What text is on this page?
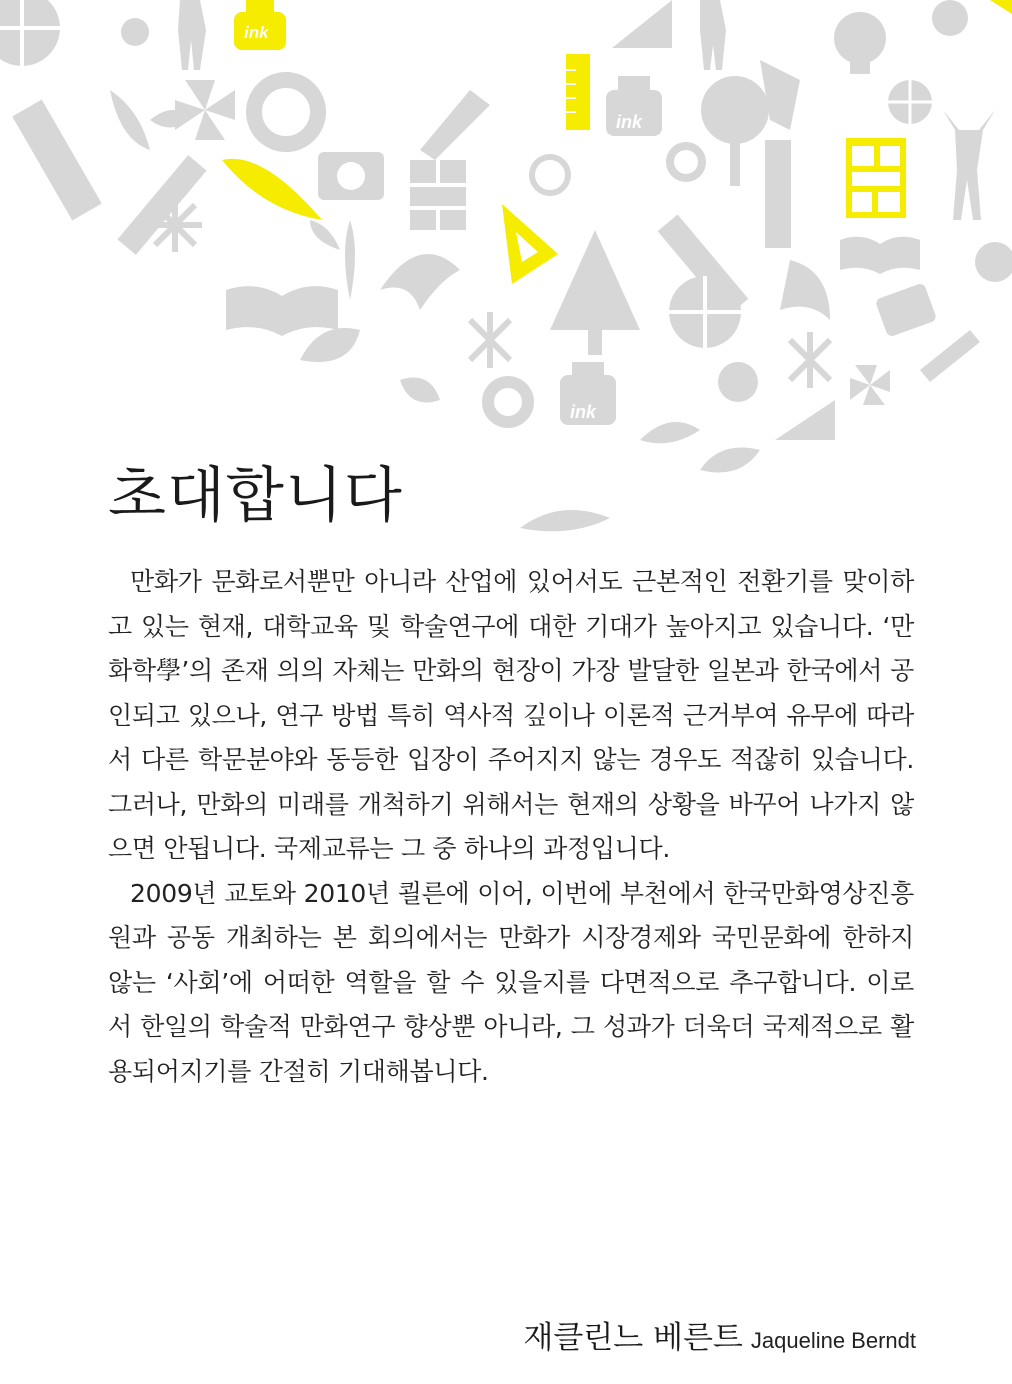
ink
ink
ink
초대합니다

만화가 문화로서뿐만 아니라 산업에 있어서도 근본적인 전환기를 맞이하고 있는 현재, 대학교육 및 학술연구에 대한 기대가 높아지고 있습니다. ‘만화학學’의 존재 의의 자체는 만화의 현장이 가장 발달한 일본과 한국에서 공인되고 있으나, 연구 방법 특히 역사적 깊이나 이론적 근거부여 유무에 따라서 다른 학문분야와 동등한 입장이 주어지지 않는 경우도 적잖히 있습니다. 그러나, 만화의 미래를 개척하기 위해서는 현재의 상황을 바꾸어 나가지 않으면 안됩니다. 국제교류는 그 중 하나의 과정입니다.

2009년 교토와 2010년 쾰른에 이어, 이번에 부천에서 한국만화영상진흥원과 공동 개최하는 본 회의에서는 만화가 시장경제와 국민문화에 한하지 않는 ‘사회’에 어떠한 역할을 할 수 있을지를 다면적으로 추구합니다. 이로서 한일의 학술적 만화연구 향상뿐 아니라, 그 성과가 더욱더 국제적으로 활용되어지기를 간절히 기대해봅니다.

재클린느 베른트 Jaqueline Berndt
